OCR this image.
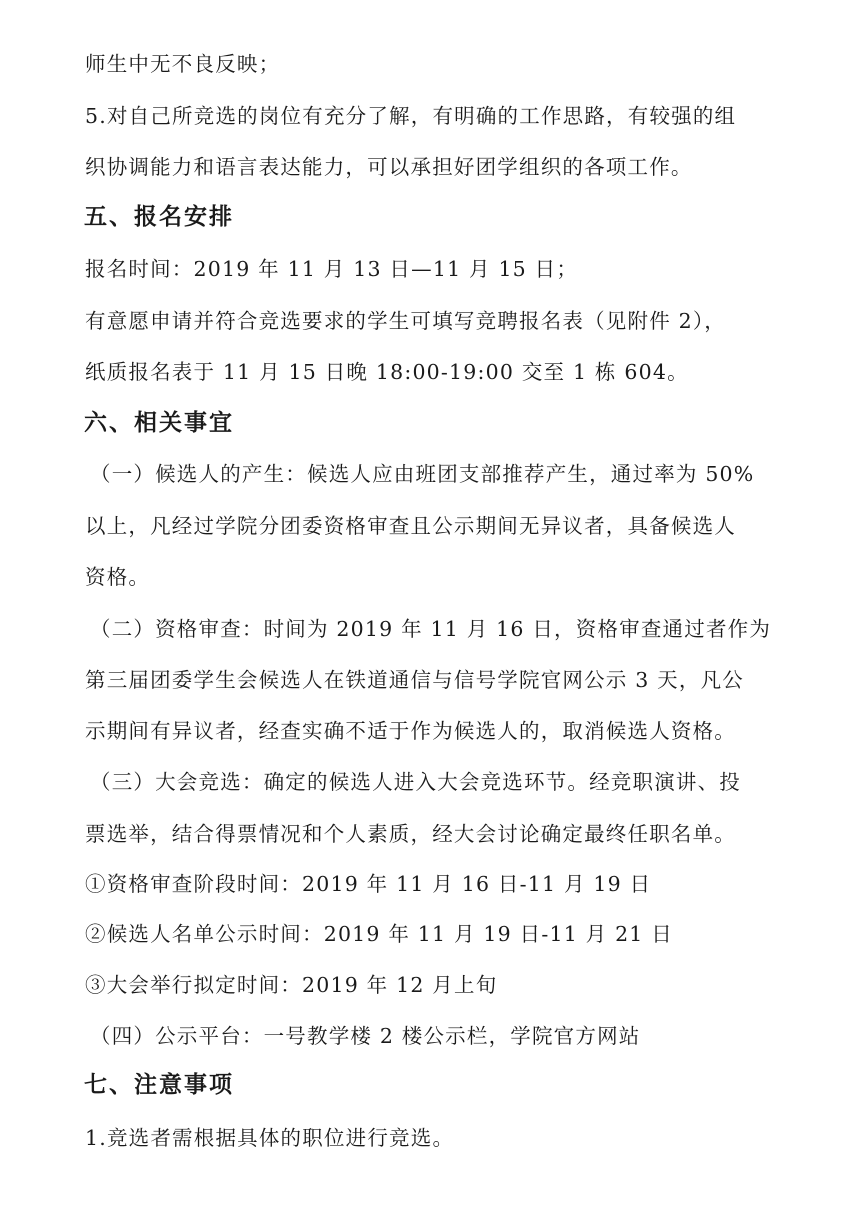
师生中无不良反映；
5.对自己所竞选的岗位有充分了解，有明确的工作思路，有较强的组
织协调能力和语言表达能力，可以承担好团学组织的各项工作。
五、报名安排
报名时间：2019 年 11 月 13 日—11 月 15 日；
有意愿申请并符合竞选要求的学生可填写竞聘报名表（见附件 2），
纸质报名表于 11 月 15 日晚 18:00-19:00 交至 1 栋 604。
六、相关事宜
（一）候选人的产生：候选人应由班团支部推荐产生，通过率为 50%
以上，凡经过学院分团委资格审查且公示期间无异议者，具备候选人
资格。
（二）资格审查：时间为 2019 年 11 月 16 日，资格审查通过者作为
第三届团委学生会候选人在铁道通信与信号学院官网公示 3 天，凡公
示期间有异议者，经查实确不适于作为候选人的，取消候选人资格。
（三）大会竞选：确定的候选人进入大会竞选环节。经竞职演讲、投
票选举，结合得票情况和个人素质，经大会讨论确定最终任职名单。
①资格审查阶段时间：2019 年 11 月 16 日-11 月 19 日
②候选人名单公示时间：2019 年 11 月 19 日-11 月 21 日
③大会举行拟定时间：2019 年 12 月上旬
（四）公示平台：一号教学楼 2 楼公示栏，学院官方网站
七、注意事项
1.竞选者需根据具体的职位进行竞选。
